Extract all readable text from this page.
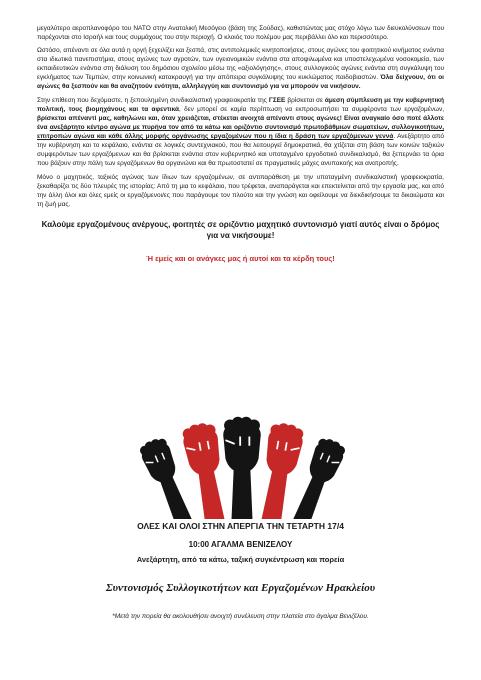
μεγαλύτερο αεροπλανοφόρο του ΝΑΤΟ στην Ανατολική Μεσόγειο (βάση της Σούδας), καθιστώντας μας στόχο λόγω των διευκολύνσεων που παρέχονται στο Ισραήλ και τους συμμάχους του στην περιοχή. Ο κλοιός του πολέμου μας περιβάλλει όλο και περισσότερο.

Ωστόσο, απέναντι σε όλα αυτά η οργή ξεχειλίζει και ξεσπά, στις αντιπολεμικές κινητοποιήσεις, στους αγώνες του φοιτητικού κινήματος ενάντια στα ιδιωτικά πανεπιστήμια, στους αγώνες των αγροτών, των υγειονομικών ενάντια στα αποψιλωμένα και υποστελεχωμένα νοσοκομεία, των εκπαιδευτικών ενάντια στη διάλυση του δημόσιου σχολείου μέσω της «αξιολόγησης», στους συλλογικούς αγώνες ενάντια στη συγκάλυψη του εγκλήματος των Τεμπών, στην κοινωνική κατακραυγή για την απόπειρα συγκάλυψης του κυκλώματος παιδοβιαστών. Όλα δείχνουν, ότι οι αγώνες θα ξεσπούν και θα αναζητούν ενότητα, αλληλεγγύη και συντονισμό για να μπορούν να νικήσουν.

Στην επίθεση που δεχόμαστε, η ξεπουλημένη συνδικαλιστική γραφειοκρατία της ΓΣΕΕ βρίσκεται σε άμεση σύμπλευση με την κυβερνητική πολιτική, τους βιομηχάνους και τα αφεντικά, δεν μπορεί σε καμία περίπτωση να εκπροσωπήσει τα συμφέροντα των εργαζομένων, βρίσκεται απέναντί μας, καθηλώνει και, όταν χρειάζεται, στέκεται ανοιχτά απέναντι στους αγώνες! Είναι αναγκαίο όσο ποτέ άλλοτε ένα ανεξάρτητο κέντρο αγώνα με πυρήνα τον από τα κάτω και οριζόντιο συντονισμό πρωτοβάθμιων σωματείων, συλλογικοτήτων, επιτροπών αγώνα και κάθε άλλης μορφής οργάνωσης εργαζομένων που η ίδια η δράση των εργαζόμενων γεννά. Ανεξάρτητο από την κυβέρνηση και το κεφάλαιο, ενάντια σε λογικές συντεχνιακού, που θα λειτουργεί δημοκρατικά, θα χτίζεται στη βάση των κοινών ταξικών συμφερόντων των εργαζόμενων και θα βρίσκεται ενάντια στον κυβερνητικό και υποταγμένο εργοδοτικό συνδικαλισμό, θα ξεπερνάει τα όρια που βάζουν στην πάλη των εργαζόμενων θα οργανώνει και θα πρωτοστατεί σε πραγματικές μάχες ανυπακοής και ανατροπής.

Μόνο ο μαχητικός, ταξικός αγώνας των ίδιων των εργαζομένων, σε αντιπαράθεση με την υποταγμένη συνδικαλιστική γραφειοκρατία, ξεκαθαρίζει τις δύο πλευρές της ιστορίας: Από τη μια το κεφάλαιο, που τρέφεται, αναπαράγεται και επεκτείνεται από την εργασία μας, και από την άλλη όλοι και όλες εμείς οι εργαζόμενοι/ες που παράγουμε τον πλούτο και την γνώση και οφείλουμε να διεκδικήσουμε τα δικαιώματα και τη ζωή μας.

Καλούμε εργαζομένους ανέργους, φοιτητές σε οριζόντιο μαχητικό συντονισμό γιατί αυτός είναι ο δρόμος για να νικήσουμε!
Ή εμείς και οι ανάγκες μας ή αυτοί και τα κέρδη τους!
ΟΛΕΣ ΚΑΙ ΟΛΟΙ ΣΤΗΝ ΑΠΕΡΓΙΑ ΤΗΝ ΤΕΤΑΡΤΗ 17/4
10:00 ΑΓΑΛΜΑ ΒΕΝΙΖΕΛΟΥ
Ανεξάρτητη, από τα κάτω, ταξική συγκέντρωση και πορεία
Συντονισμός Συλλογικοτήτων και Εργαζομένων Ηρακλείου
*Μετά την πορεία θα ακολουθήσει ανοιχτή συνέλευση στην πλατεία στο άγαλμα Βενιζέλου.
